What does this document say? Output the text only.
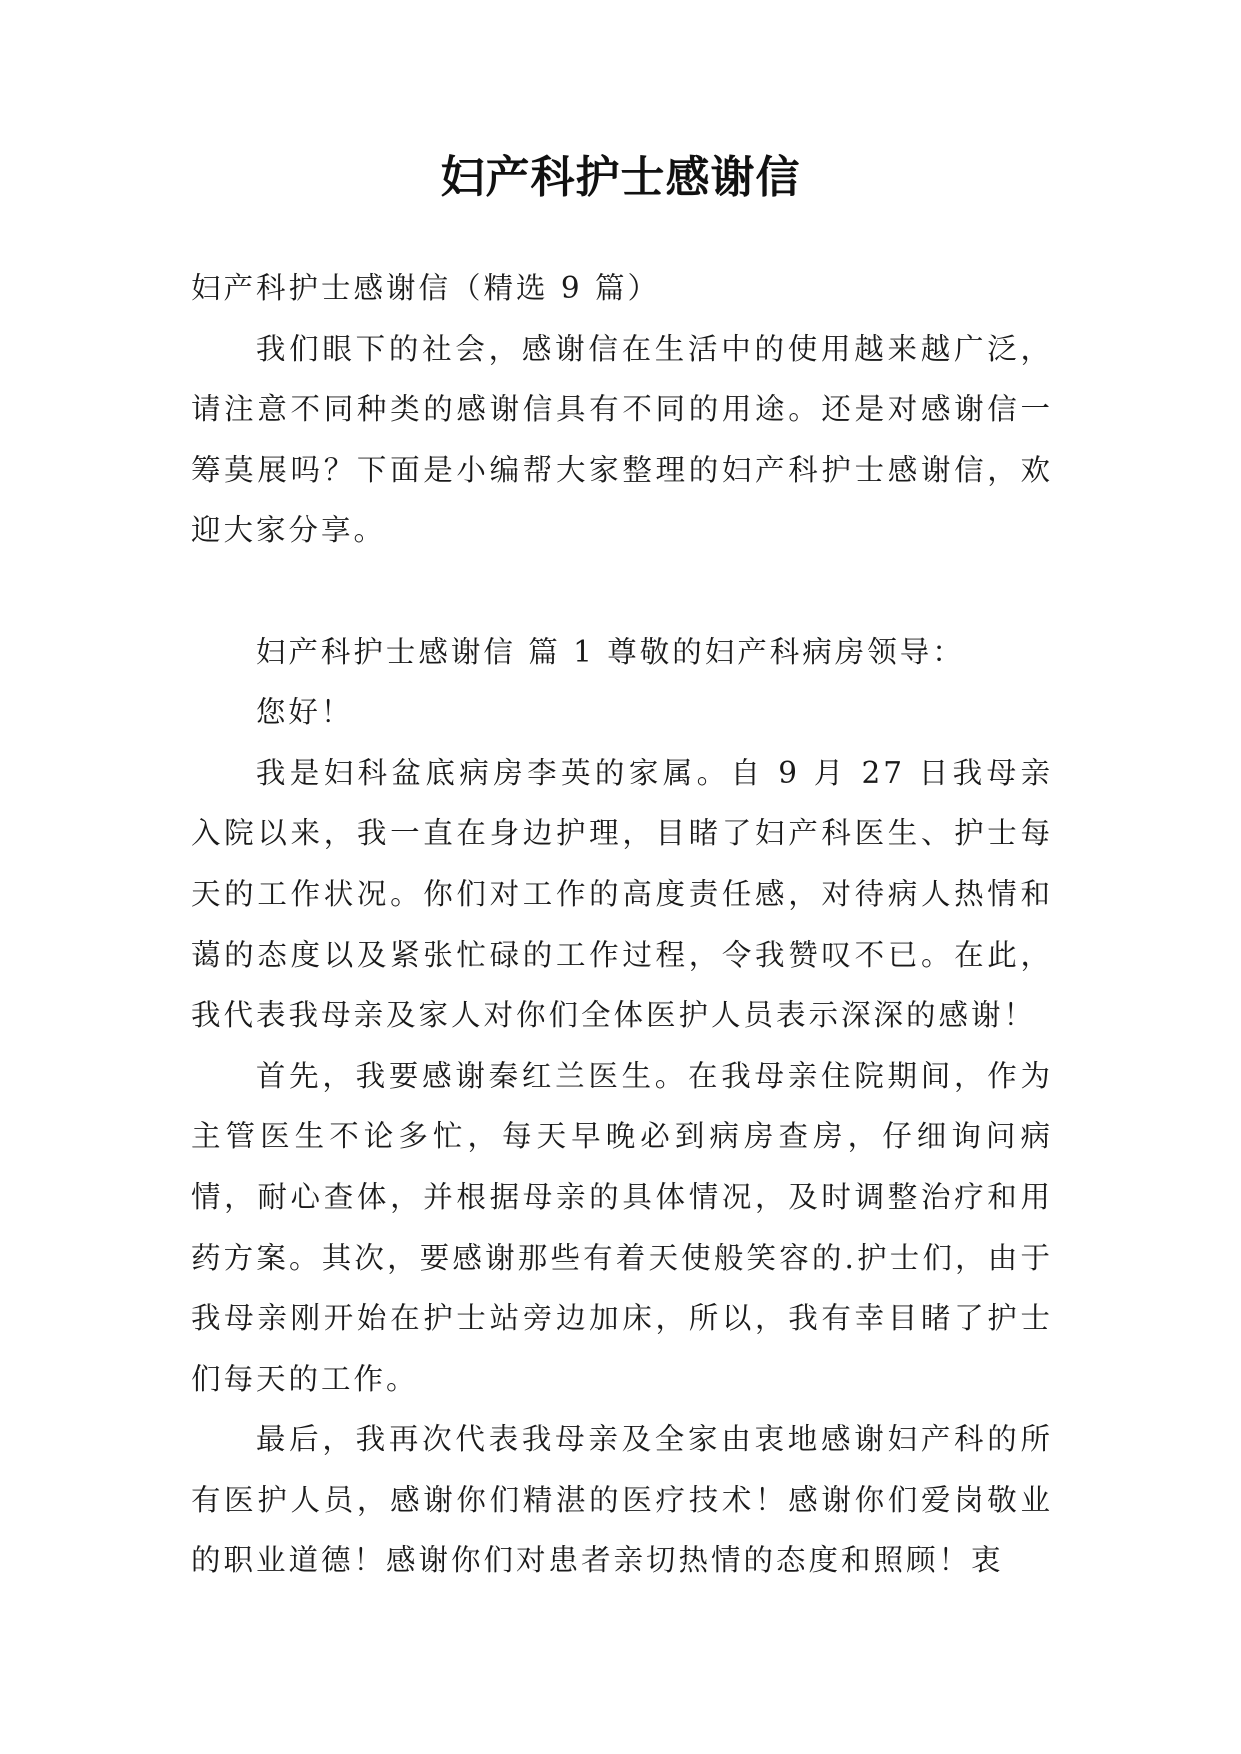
妇产科护士感谢信

妇产科护士感谢信（精选 9 篇）

我们眼下的社会，感谢信在生活中的使用越来越广泛，请注意不同种类的感谢信具有不同的用途。还是对感谢信一筹莫展吗？下面是小编帮大家整理的妇产科护士感谢信，欢迎大家分享。

妇产科护士感谢信 篇 1 尊敬的妇产科病房领导：

您好！

我是妇科盆底病房李英的家属。自 9 月 27 日我母亲入院以来，我一直在身边护理，目睹了妇产科医生、护士每天的工作状况。你们对工作的高度责任感，对待病人热情和蔼的态度以及紧张忙碌的工作过程，令我赞叹不已。在此，我代表我母亲及家人对你们全体医护人员表示深深的感谢！

首先，我要感谢秦红兰医生。在我母亲住院期间，作为主管医生不论多忙，每天早晚必到病房查房，仔细询问病情，耐心查体，并根据母亲的具体情况，及时调整治疗和用药方案。其次，要感谢那些有着天使般笑容的.护士们，由于我母亲刚开始在护士站旁边加床，所以，我有幸目睹了护士们每天的工作。

最后，我再次代表我母亲及全家由衷地感谢妇产科的所有医护人员，感谢你们精湛的医疗技术！感谢你们爱岗敬业的职业道德！感谢你们对患者亲切热情的态度和照顾！衷
